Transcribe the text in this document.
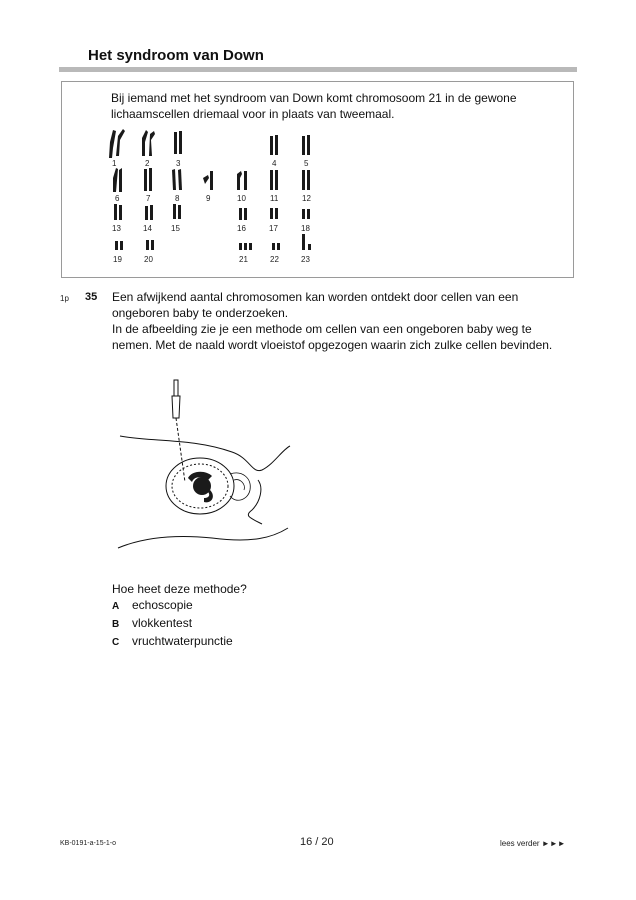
Het syndroom van Down
Bij iemand met het syndroom van Down komt chromosoom 21 in de gewone lichaamscellen driemaal voor in plaats van tweemaal.
1	2	3	4	5
6	7	8	9	10	11	12
13	14 15	16	17	18
19	20	21	22	23
1p 35 Een afwijkend aantal chromosomen kan worden ontdekt door cellen van een ongeboren baby te onderzoeken.

In de afbeelding zie je een methode om cellen van een ongeboren baby weg te nemen. Met de naald wordt vloeistof opgezogen waarin zich zulke cellen bevinden.

Hoe heet deze methode?
A echoscopie
B vlokkentest
C vruchtwaterpunctie
KB-0191-a-15-1-o	16 / 20	lees verder ►►►
